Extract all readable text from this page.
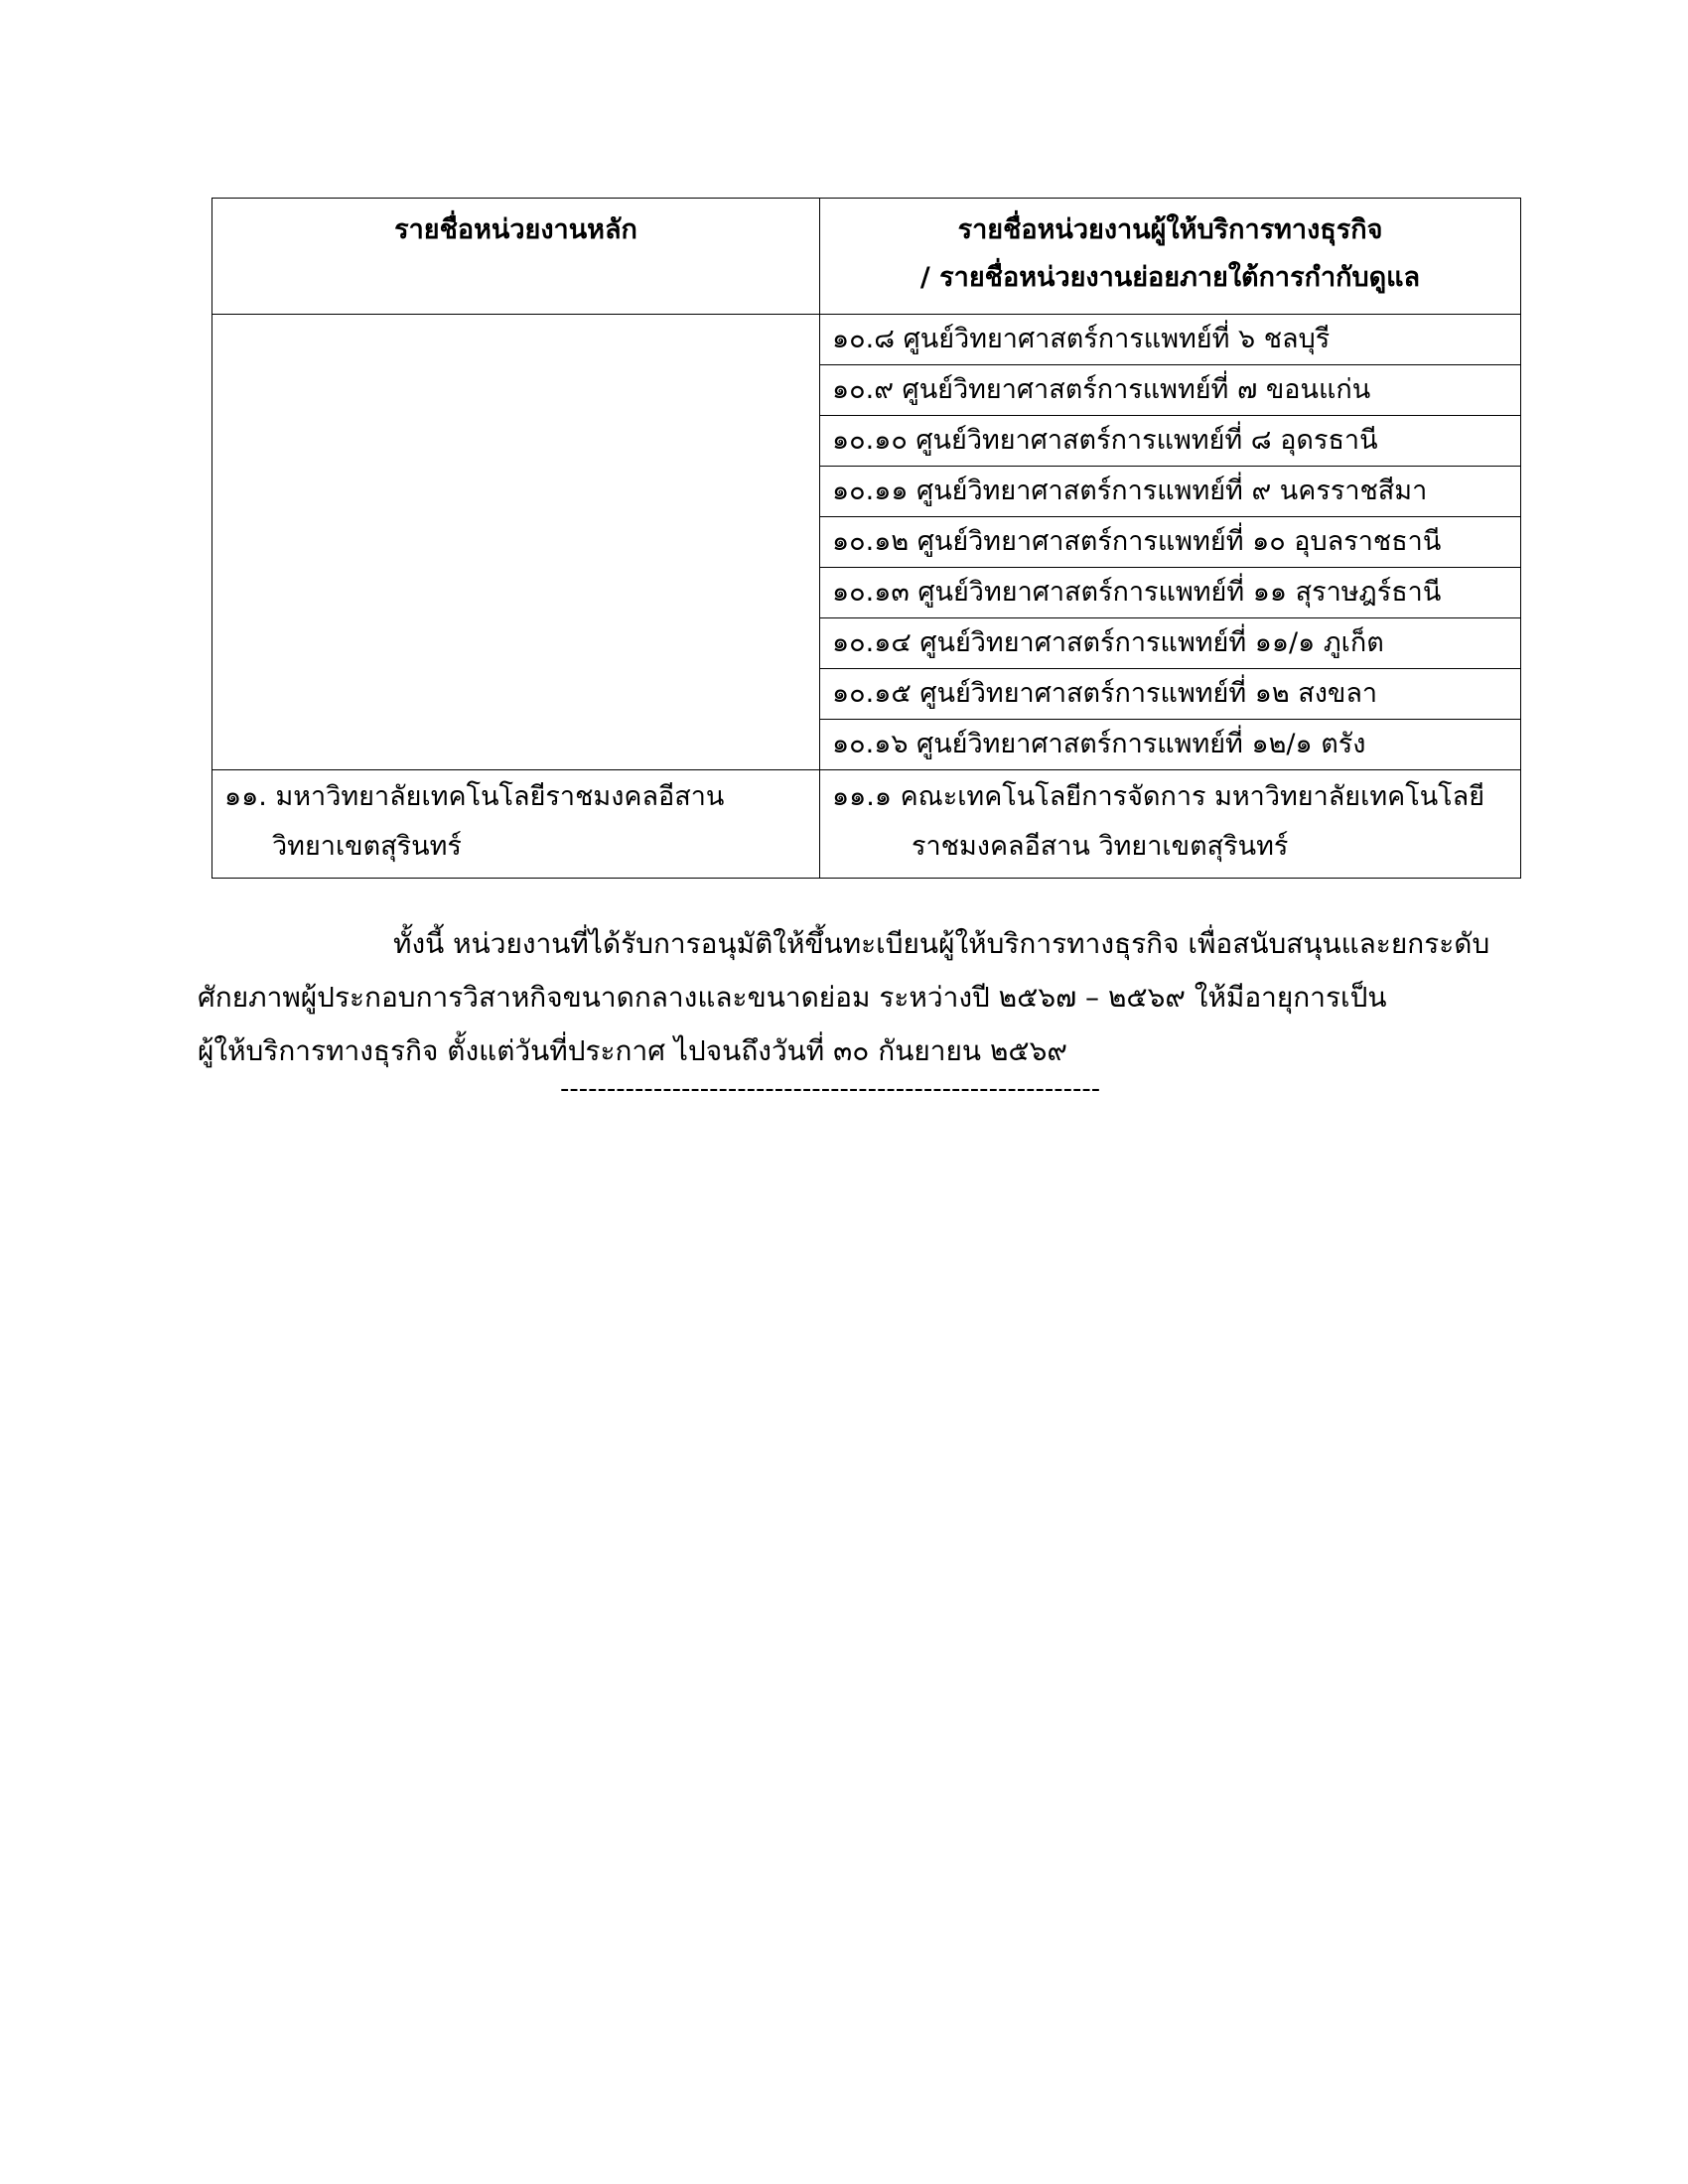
รายชื่อหน่วยงานหลัก	รายชื่อหน่วยงานผู้ให้บริการทางธุรกิจ
/ รายชื่อหน่วยงานย่อยภายใต้การกำกับดูแล

	๑๐.๘ ศูนย์วิทยาศาสตร์การแพทย์ที่ ๖ ชลบุรี
	๑๐.๙ ศูนย์วิทยาศาสตร์การแพทย์ที่ ๗ ขอนแก่น
	๑๐.๑๐ ศูนย์วิทยาศาสตร์การแพทย์ที่ ๘ อุดรธานี
	๑๐.๑๑ ศูนย์วิทยาศาสตร์การแพทย์ที่ ๙ นครราชสีมา
	๑๐.๑๒ ศูนย์วิทยาศาสตร์การแพทย์ที่ ๑๐ อุบลราชธานี
	๑๐.๑๓ ศูนย์วิทยาศาสตร์การแพทย์ที่ ๑๑ สุราษฎร์ธานี
	๑๐.๑๔ ศูนย์วิทยาศาสตร์การแพทย์ที่ ๑๑/๑ ภูเก็ต
	๑๐.๑๕ ศูนย์วิทยาศาสตร์การแพทย์ที่ ๑๒ สงขลา
	๑๐.๑๖ ศูนย์วิทยาศาสตร์การแพทย์ที่ ๑๒/๑ ตรัง

๑๑. มหาวิทยาลัยเทคโนโลยีราชมงคลอีสาน
วิทยาเขตสุรินทร์	๑๑.๑ คณะเทคโนโลยีการจัดการ มหาวิทยาลัยเทคโนโลยี
ราชมงคลอีสาน วิทยาเขตสุรินทร์
ทั้งนี้ หน่วยงานที่ได้รับการอนุมัติให้ขึ้นทะเบียนผู้ให้บริการทางธุรกิจ เพื่อสนับสนุนและยกระดับ
ศักยภาพผู้ประกอบการวิสาหกิจขนาดกลางและขนาดย่อม ระหว่างปี ๒๕๖๗ – ๒๕๖๙ ให้มีอายุการเป็น
ผู้ให้บริการทางธุรกิจ ตั้งแต่วันที่ประกาศ ไปจนถึงวันที่ ๓๐ กันยายน ๒๕๖๙
----------------------------------------------------------
